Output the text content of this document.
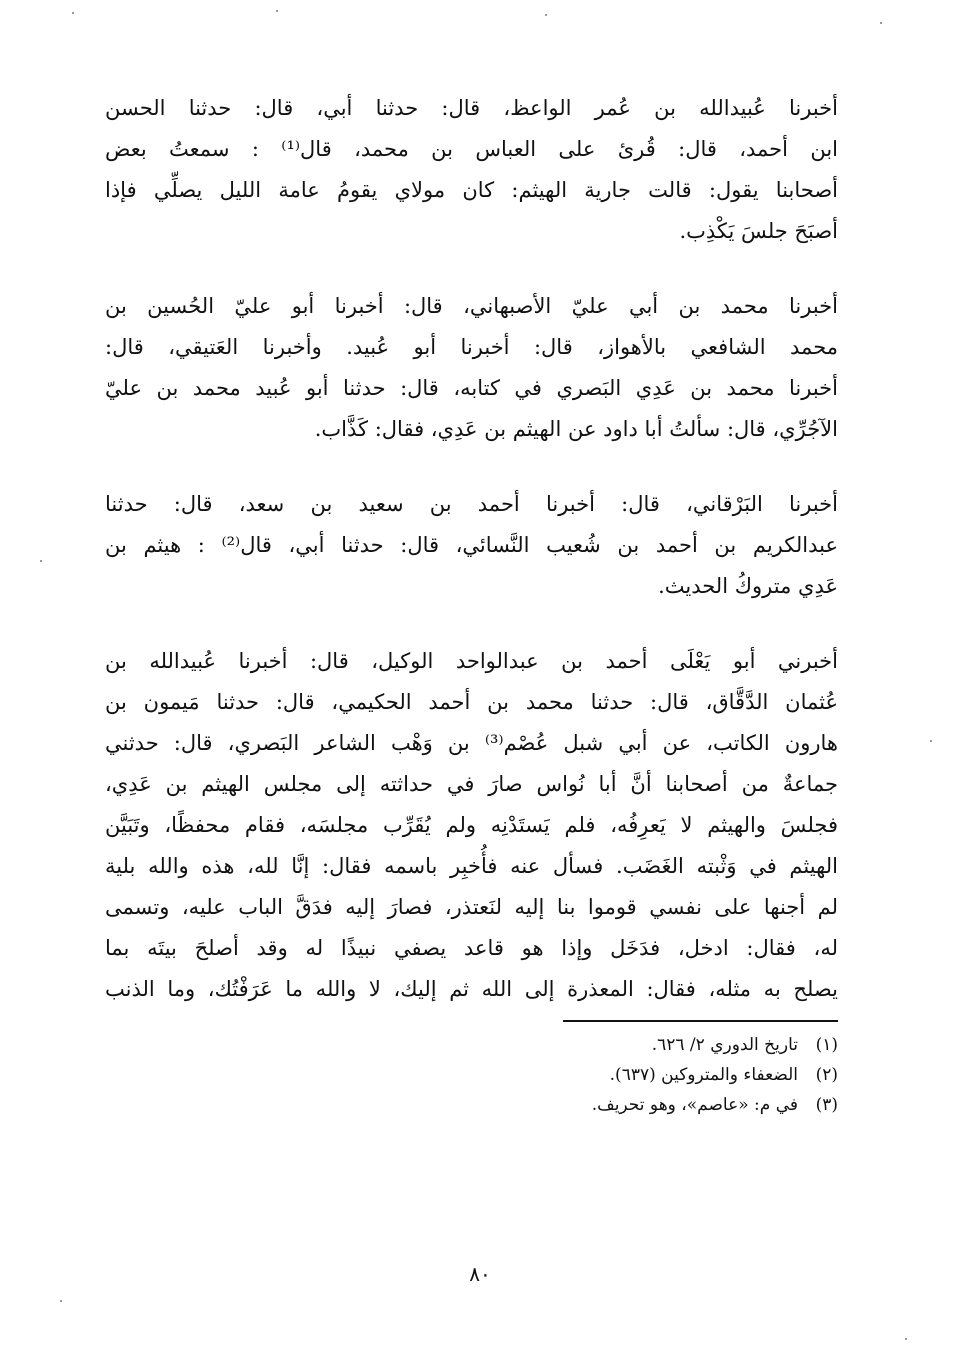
أخبرنا عُبيدالله بن عُمر الواعظ، قال: حدثنا أبي، قال: حدثنا الحسن
ابن أحمد، قال: قُرئ على العباس بن محمد، قال⁽¹⁾ : سمعتُ بعض
أصحابنا يقول: قالت جارية الهيثم: كان مولاي يقومُ عامة الليل يصلِّي فإذا
أصبَحَ جلسَ يَكْذِب.
أخبرنا محمد بن أبي عليّ الأصبهاني، قال: أخبرنا أبو عليّ الحُسين بن
محمد الشافعي بالأهواز، قال: أخبرنا أبو عُبيد. وأخبرنا العَتيقي، قال:
أخبرنا محمد بن عَدِي البَصري في كتابه، قال: حدثنا أبو عُبيد محمد بن عليّ
الآجُرِّي، قال: سألتُ أبا داود عن الهيثم بن عَدِي، فقال: كَذَّاب.
أخبرنا البَرْقاني، قال: أخبرنا أحمد بن سعيد بن سعد، قال: حدثنا
عبدالكريم بن أحمد بن شُعيب النَّسائي، قال: حدثنا أبي، قال⁽²⁾ : هيثم بن
عَدِي متروكُ الحديث.
أخبرني أبو يَعْلَى أحمد بن عبدالواحد الوكيل، قال: أخبرنا عُبيدالله بن
عُثمان الدَّقَّاق، قال: حدثنا محمد بن أحمد الحكيمي، قال: حدثنا مَيمون بن
هارون الكاتب، عن أبي شبل عُصْم⁽³⁾ بن وَهْب الشاعر البَصري، قال: حدثني
جماعةٌ من أصحابنا أنَّ أبا نُواس صارَ في حداثته إلى مجلس الهيثم بن عَدِي،
فجلسَ والهيثم لا يَعرِفُه، فلم يَستَدْنِه ولم يُقَرِّب مجلسَه، فقام محفظًا، وتَبَيَّن
الهيثم في وَثْبته الغَضَب. فسأل عنه فأُخبِر باسمه فقال: إنَّا لله، هذه والله بلية
لم أجنها على نفسي قوموا بنا إليه لنَعتذر، فصارَ إليه فدَقَّ الباب عليه، وتسمى
له، فقال: ادخل، فدَخَل وإذا هو قاعد يصفي نبيذًا له وقد أصلحَ بيتَه بما
يصلح به مثله، فقال: المعذرة إلى الله ثم إليك، لا والله ما عَرَفْتُك، وما الذنب
(١)
تاريخ الدوري ٢/ ٦٢٦.
(٢)
الضعفاء والمتروكين (٦٣٧).
(٣)
في م: «عاصم»، وهو تحريف.
٨٠
